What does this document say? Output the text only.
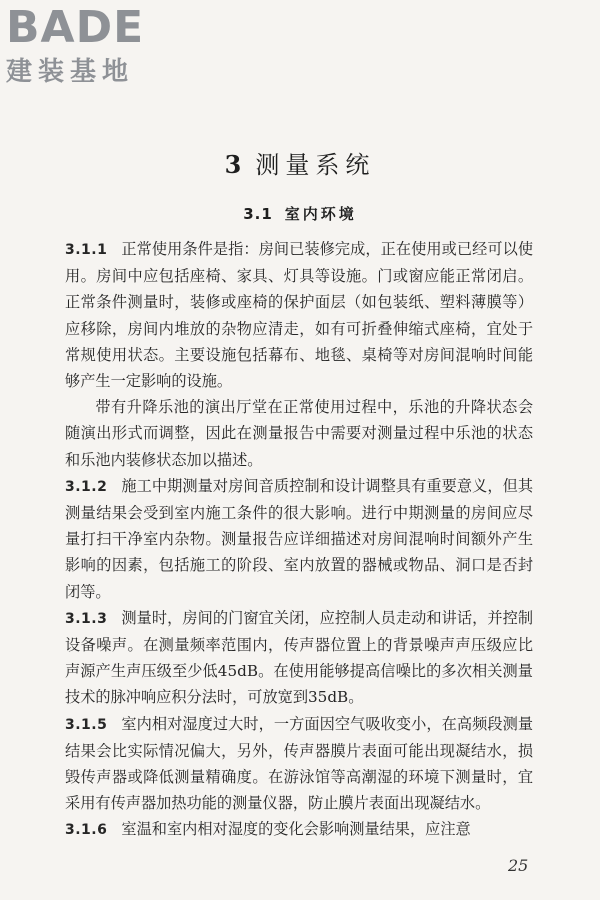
BADE
建装基地
3 测量系统
3.1 室内环境

3.1.1 正常使用条件是指：房间已装修完成，正在使用或已经可以使用。房间中应包括座椅、家具、灯具等设施。门或窗应能正常闭启。正常条件测量时，装修或座椅的保护面层（如包装纸、塑料薄膜等）应移除，房间内堆放的杂物应清走，如有可折叠伸缩式座椅，宜处于常规使用状态。主要设施包括幕布、地毯、桌椅等对房间混响时间能够产生一定影响的设施。

带有升降乐池的演出厅堂在正常使用过程中，乐池的升降状态会随演出形式而调整，因此在测量报告中需要对测量过程中乐池的状态和乐池内装修状态加以描述。

3.1.2 施工中期测量对房间音质控制和设计调整具有重要意义，但其测量结果会受到室内施工条件的很大影响。进行中期测量的房间应尽量打扫干净室内杂物。测量报告应详细描述对房间混响时间额外产生影响的因素，包括施工的阶段、室内放置的器械或物品、洞口是否封闭等。

3.1.3 测量时，房间的门窗宜关闭，应控制人员走动和讲话，并控制设备噪声。在测量频率范围内，传声器位置上的背景噪声声压级应比声源产生声压级至少低45dB。在使用能够提高信噪比的多次相关测量技术的脉冲响应积分法时，可放宽到35dB。

3.1.5 室内相对湿度过大时，一方面因空气吸收变小，在高频段测量结果会比实际情况偏大，另外，传声器膜片表面可能出现凝结水，损毁传声器或降低测量精确度。在游泳馆等高潮湿的环境下测量时，宜采用有传声器加热功能的测量仪器，防止膜片表面出现凝结水。

3.1.6 室温和室内相对湿度的变化会影响测量结果，应注意

25
